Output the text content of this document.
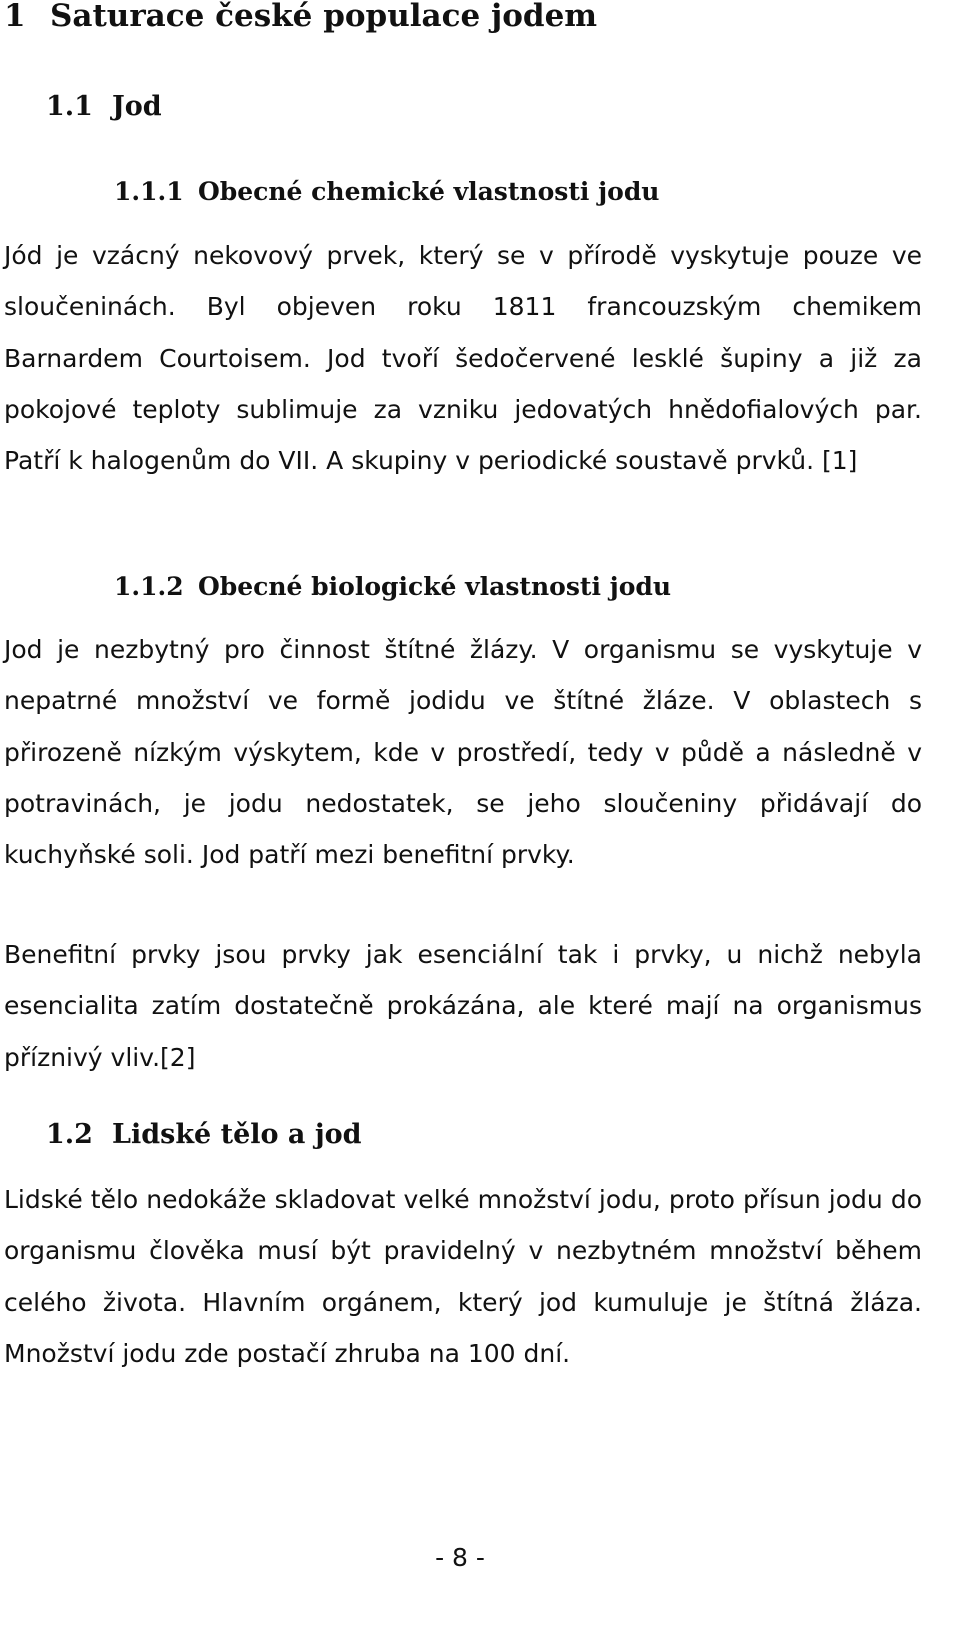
1 Saturace české populace jodem
1.1 Jod
1.1.1 Obecné chemické vlastnosti jodu

Jód je vzácný nekovový prvek, který se v přírodě vyskytuje pouze ve sloučeninách. Byl objeven roku 1811 francouzským chemikem Barnardem Courtoisem. Jod tvoří šedočervené lesklé šupiny a již za pokojové teploty sublimuje za vzniku jedovatých hnědofialových par. Patří k halogenům do VII. A skupiny v periodické soustavě prvků. [1]

1.1.2 Obecné biologické vlastnosti jodu

Jod je nezbytný pro činnost štítné žlázy. V organismu se vyskytuje v nepatrné množství ve formě jodidu ve štítné žláze. V oblastech s přirozeně nízkým výskytem, kde v prostředí, tedy v půdě a následně v potravinách, je jodu nedostatek, se jeho sloučeniny přidávají do kuchyňské soli. Jod patří mezi benefitní prvky.

Benefitní prvky jsou prvky jak esenciální tak i prvky, u nichž nebyla esencialita zatím dostatečně prokázána, ale které mají na organismus příznivý vliv.[2]

1.2 Lidské tělo a jod

Lidské tělo nedokáže skladovat velké množství jodu, proto přísun jodu do organismu člověka musí být pravidelný v nezbytném množství během celého života. Hlavním orgánem, který jod kumuluje je štítná žláza. Množství jodu zde postačí zhruba na 100 dní.

- 8 -
